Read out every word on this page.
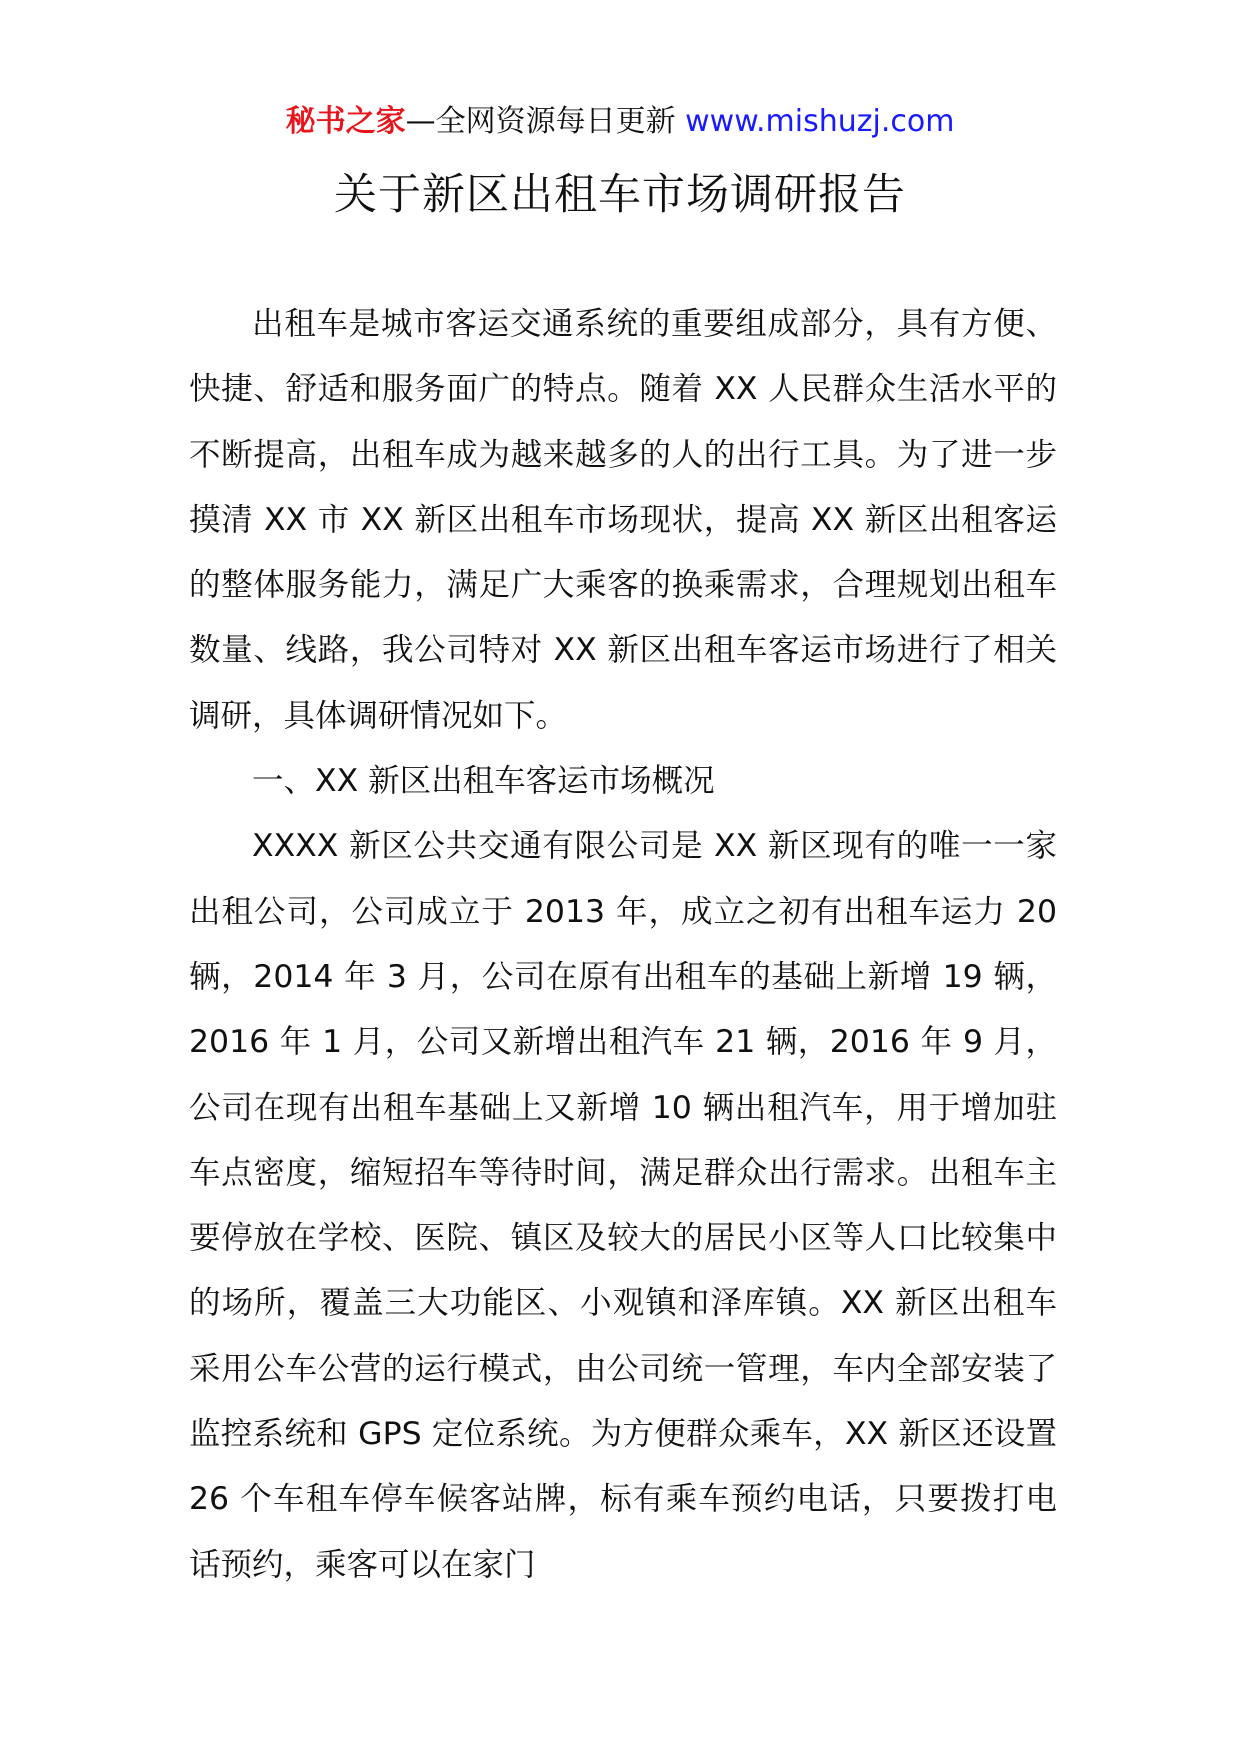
秘书之家—全网资源每日更新 www.mishuzj.com
关于新区出租车市场调研报告

出租车是城市客运交通系统的重要组成部分，具有方便、快捷、舒适和服务面广的特点。随着 XX 人民群众生活水平的不断提高，出租车成为越来越多的人的出行工具。为了进一步摸清 XX 市 XX 新区出租车市场现状，提高 XX 新区出租客运的整体服务能力，满足广大乘客的换乘需求，合理规划出租车数量、线路，我公司特对 XX 新区出租车客运市场进行了相关调研，具体调研情况如下。

一、XX 新区出租车客运市场概况

XXXX 新区公共交通有限公司是 XX 新区现有的唯一一家出租公司，公司成立于 2013 年，成立之初有出租车运力 20 辆，2014 年 3 月，公司在原有出租车的基础上新增 19 辆，2016 年 1 月，公司又新增出租汽车 21 辆，2016 年 9 月，公司在现有出租车基础上又新增 10 辆出租汽车，用于增加驻车点密度，缩短招车等待时间，满足群众出行需求。出租车主要停放在学校、医院、镇区及较大的居民小区等人口比较集中的场所，覆盖三大功能区、小观镇和泽库镇。XX 新区出租车采用公车公营的运行模式，由公司统一管理，车内全部安装了监控系统和 GPS 定位系统。为方便群众乘车，XX 新区还设置 26 个车租车停车候客站牌，标有乘车预约电话，只要拨打电话预约，乘客可以在家门
